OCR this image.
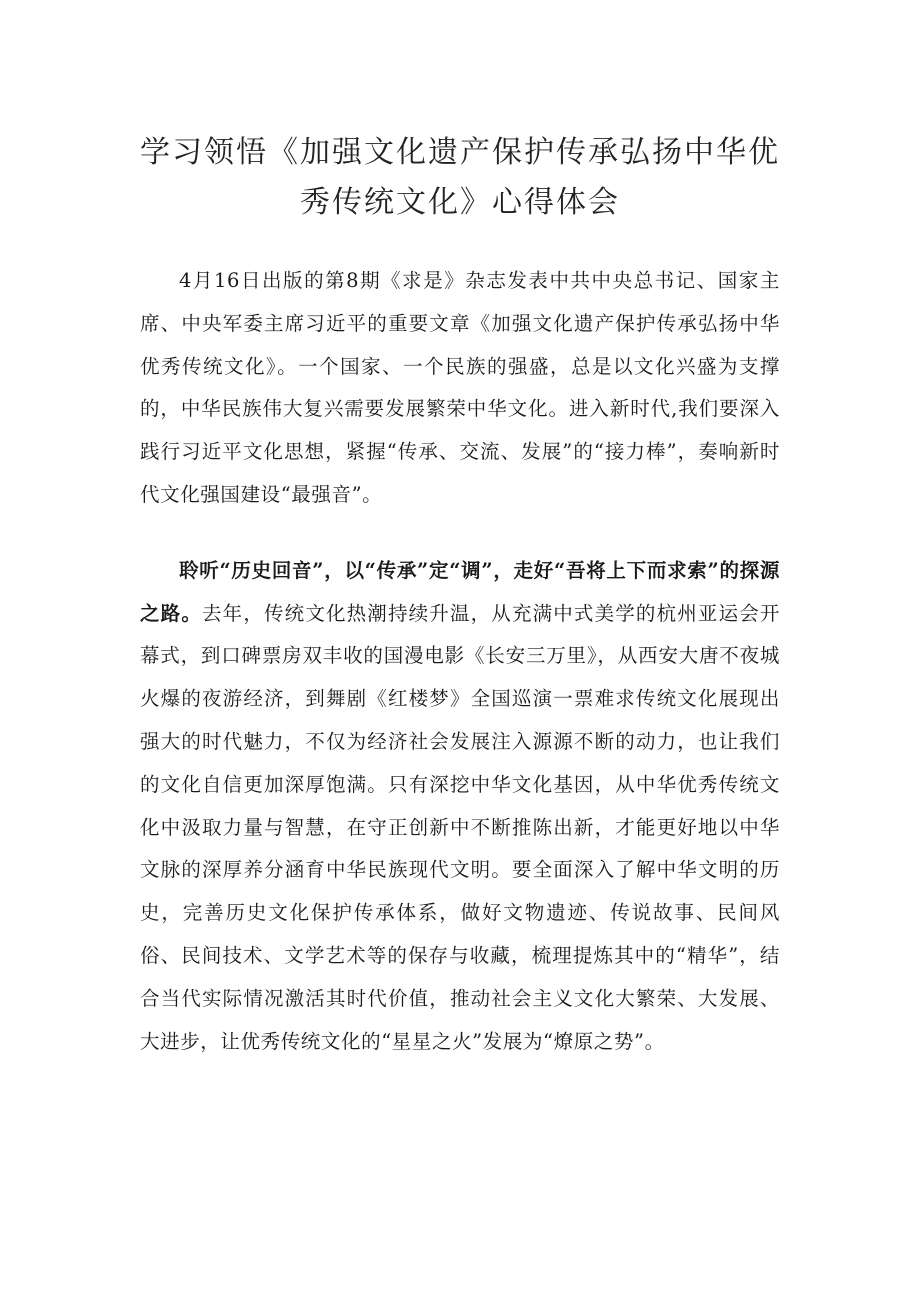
学习领悟《加强文化遗产保护传承弘扬中华优秀传统文化》心得体会

4月16日出版的第8期《求是》杂志发表中共中央总书记、国家主席、中央军委主席习近平的重要文章《加强文化遗产保护传承弘扬中华优秀传统文化》。一个国家、一个民族的强盛，总是以文化兴盛为支撑的，中华民族伟大复兴需要发展繁荣中华文化。进入新时代,我们要深入践行习近平文化思想，紧握“传承、交流、发展”的“接力棒”，奏响新时代文化强国建设“最强音”。

聆听“历史回音”，以“传承”定“调”，走好“吾将上下而求索”的探源之路。去年，传统文化热潮持续升温，从充满中式美学的杭州亚运会开幕式，到口碑票房双丰收的国漫电影《长安三万里》，从西安大唐不夜城火爆的夜游经济，到舞剧《红楼梦》全国巡演一票难求传统文化展现出强大的时代魅力，不仅为经济社会发展注入源源不断的动力，也让我们的文化自信更加深厚饱满。只有深挖中华文化基因，从中华优秀传统文化中汲取力量与智慧，在守正创新中不断推陈出新，才能更好地以中华文脉的深厚养分涵育中华民族现代文明。要全面深入了解中华文明的历史，完善历史文化保护传承体系，做好文物遗迹、传说故事、民间风俗、民间技术、文学艺术等的保存与收藏，梳理提炼其中的“精华”，结合当代实际情况激活其时代价值，推动社会主义文化大繁荣、大发展、大进步，让优秀传统文化的“星星之火”发展为“燎原之势”。
